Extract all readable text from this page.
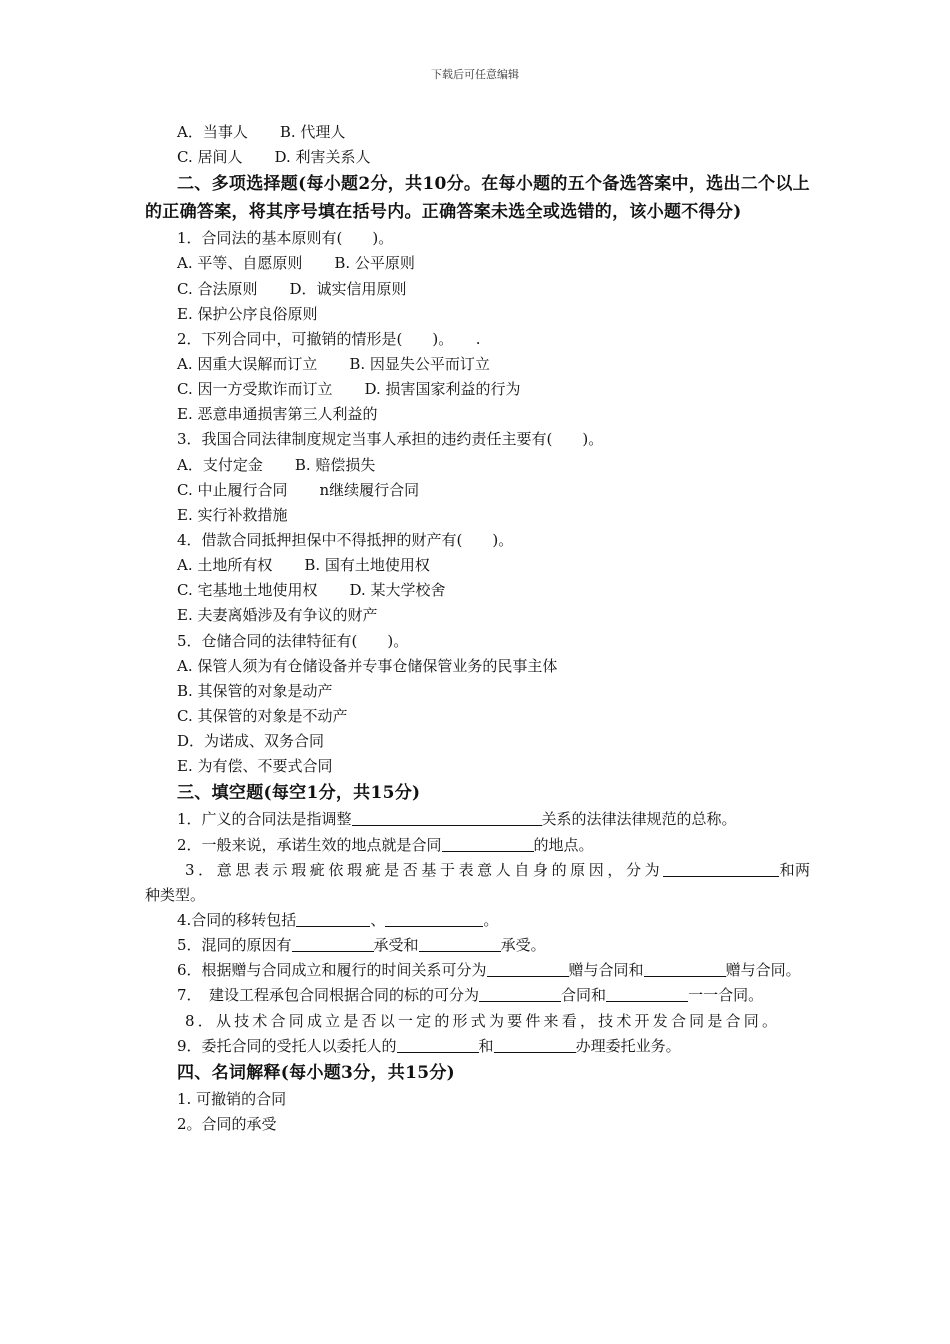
下载后可任意编辑
A．当事人 B. 代理人
C. 居间人 D. 利害关系人

二、多项选择题(每小题2分，共10分。在每小题的五个备选答案中，选出二个以上的正确答案，将其序号填在括号内。正确答案未选全或选错的，该小题不得分)

1．合同法的基本原则有(　　)。
A. 平等、自愿原则 B. 公平原则
C. 合法原则 D．诚实信用原则
E. 保护公序良俗原则
2．下列合同中，可撤销的情形是(　　)。　　.
A. 因重大误解而订立 B. 因显失公平而订立
C. 因一方受欺诈而订立 D. 损害国家利益的行为
E. 恶意串通损害第三人利益的
3．我国合同法律制度规定当事人承担的违约责任主要有(　　)。
A．支付定金 B. 赔偿损失
C. 中止履行合同 n继续履行合同
E. 实行补救措施
4．借款合同抵押担保中不得抵押的财产有(　　)。
A. 土地所有权 B. 国有土地使用权
C. 宅基地土地使用权 D. 某大学校舍
E. 夫妻离婚涉及有争议的财产
5．仓储合同的法律特征有(　　)。
A. 保管人须为有仓储设备并专事仓储保管业务的民事主体
B. 其保管的对象是动产
C. 其保管的对象是不动产
D．为诺成、双务合同
E. 为有偿、不要式合同

三、填空题(每空1分，共15分)

1．广义的合同法是指调整	关系的法律法律规范的总称。
2．一般来说，承诺生效的地点就是合同	的地点。
3．意思表示瑕疵依瑕疵是否基于表意人自身的原因，分为	和两种类型。
4.合同的移转包括	、	。
5．混同的原因有	承受和	承受。
6．根据赠与合同成立和履行的时间关系可分为	赠与合同和	赠与合同。
7．　建设工程承包合同根据合同的标的可分为	合同和	一一合同。
8．从技术合同成立是否以一定的形式为要件来看，技术开发合同是合同。
9．委托合同的受托人以委托人的	和	办理委托业务。

四、名词解释(每小题3分，共15分)

1. 可撤销的合同
2。合同的承受
